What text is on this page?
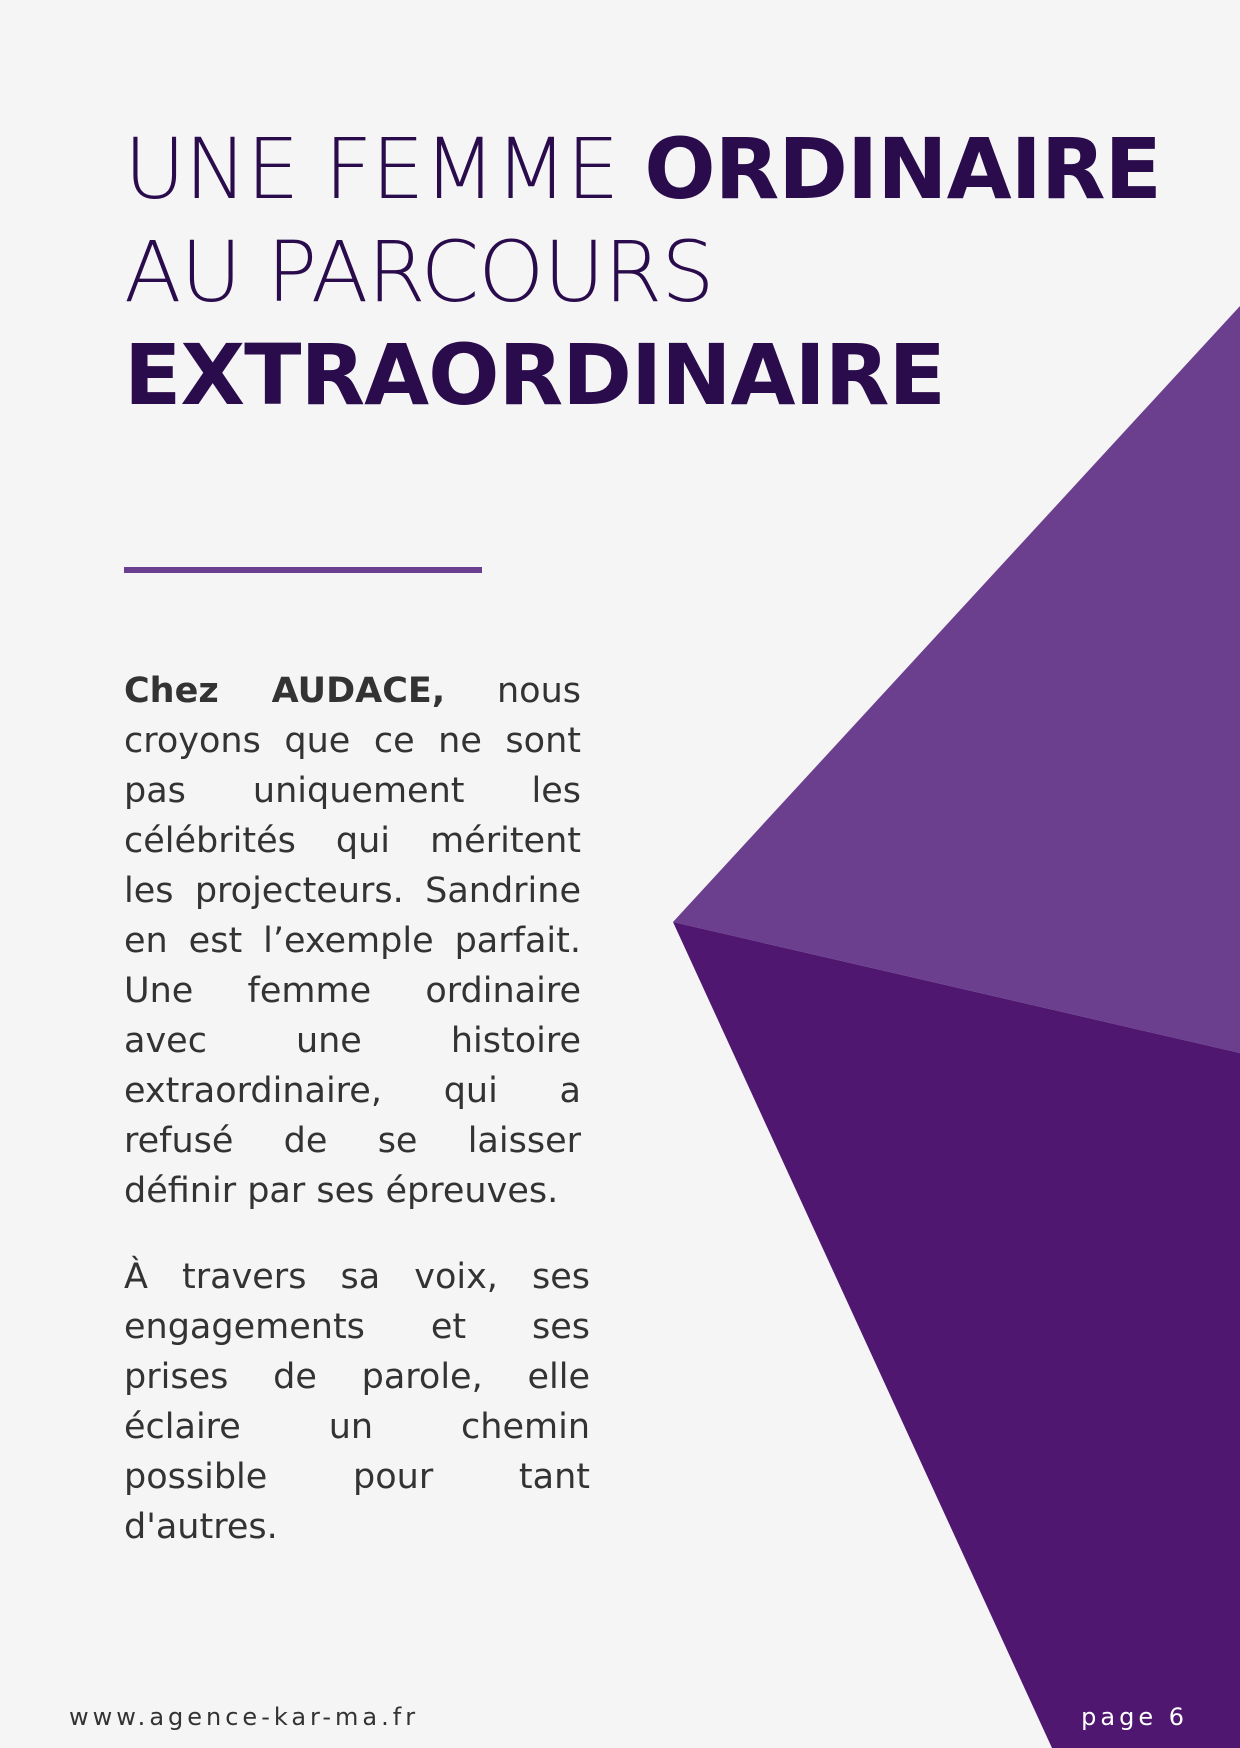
UNE FEMME ORDINAIRE
AU PARCOURS
EXTRAORDINAIRE

Chez AUDACE, nous croyons que ce ne sont pas uniquement les célébrités qui méritent les projecteurs. Sandrine en est l’exemple parfait. Une femme ordinaire avec une histoire extraordinaire, qui a refusé de se laisser définir par ses épreuves.

À travers sa voix, ses engagements et ses prises de parole, elle éclaire un chemin possible pour tant d'autres.

www.agence-kar-ma.fr	page 6
